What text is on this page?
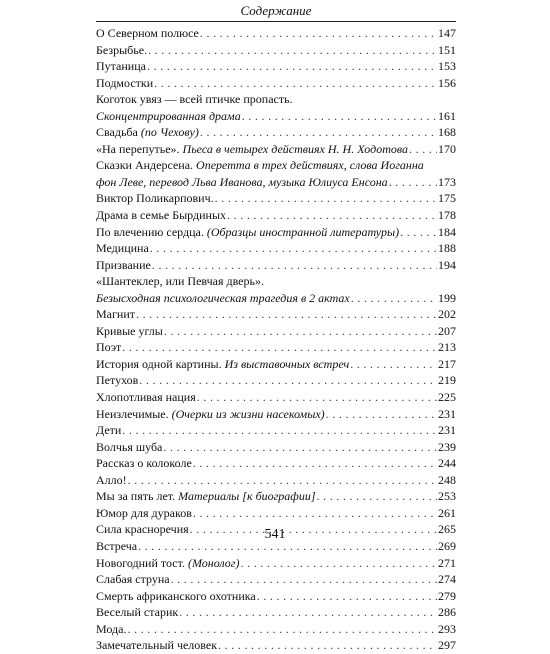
Содержание
О Северном полюсе . . .	147
Безрыбье. . . .	151
Путаница . . .	153
Подмостки . . .	156
Коготок увяз — всей птичке пропасть.
Сконцентрированная драма . . .	161
Свадьба (по Чехову) . . .	168
«На перепутье». Пьеса в четырех действиях Н. Н. Ходотова . . . 170
Сказки Андерсена. Оперетта в трех действиях, слова Иоганна
фон Леве, перевод Льва Иванова, музыка Юлиуса Енсона . . .	173
Виктор Поликарпович. . . .	175
Драма в семье Бырдиных . . .	178
По влечению сердца. (Образцы иностранной литературы) . . .	184
Медицина . . .	188
Призвание . . .	194
«Шантеклер, или Певчая дверь».
Безысходная психологическая трагедия в 2 актах . . .	199
Магнит . . .	202
Кривые углы . . .	207
Поэт . . .	213
История одной картины. Из выставочных встреч . . .	217
Петухов . . .	219
Хлопотливая нация . . .	225
Неизлечимые. (Очерки из жизни насекомых) . . .	231
Дети . . .	231
Волчья шуба . . .	239
Рассказ о колоколе . . .	244
Алло! . . .	248
Мы за пять лет. Материалы [к биографии] . . .	253
Юмор для дураков . . .	261
Сила красноречия . . .	265
Встреча . . .	269
Новогодний тост. (Монолог) . . .	271
Слабая струна . . .	274
Смерть африканского охотника . . .	279
Веселый старик . . .	286
Мода. . . .	293
Замечательный человек . . .	297
541
